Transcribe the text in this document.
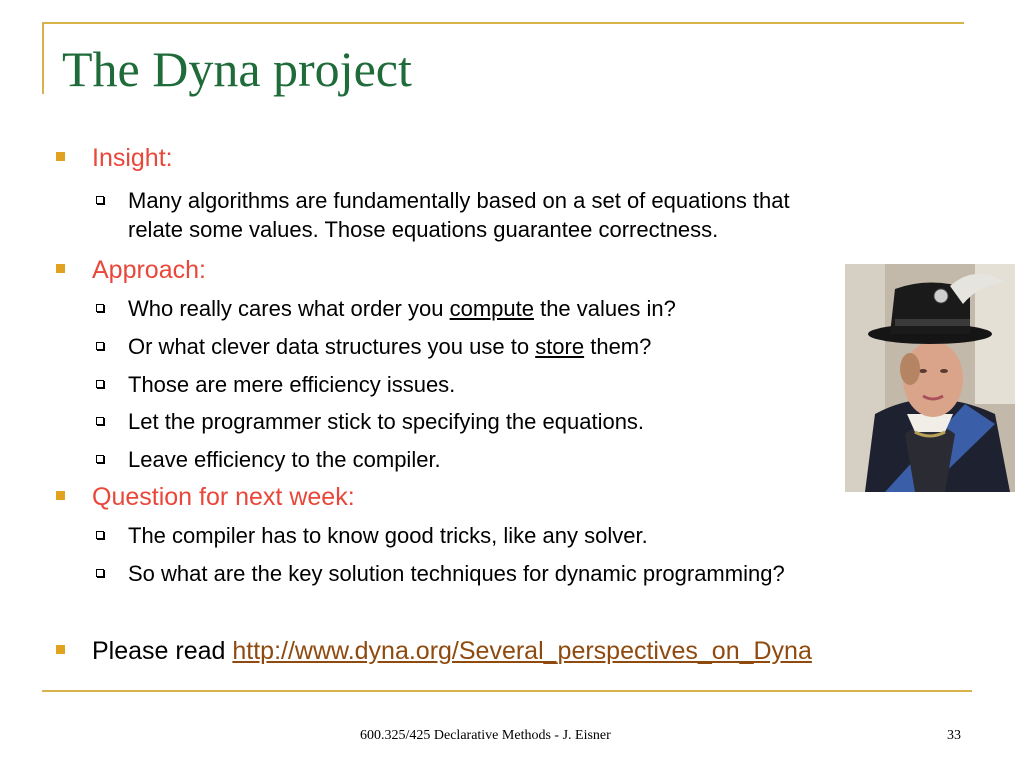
The Dyna project
Insight:
Many algorithms are fundamentally based on a set of equations that
relate some values. Those equations guarantee correctness.
Approach:
Who really cares what order you compute the values in?
Or what clever data structures you use to store them?
Those are mere efficiency issues.
Let the programmer stick to specifying the equations.
Leave efficiency to the compiler.
Question for next week:
The compiler has to know good tricks, like any solver.
So what are the key solution techniques for dynamic programming?
Please read http://www.dyna.org/Several_perspectives_on_Dyna
600.325/425 Declarative Methods - J. Eisner	33
